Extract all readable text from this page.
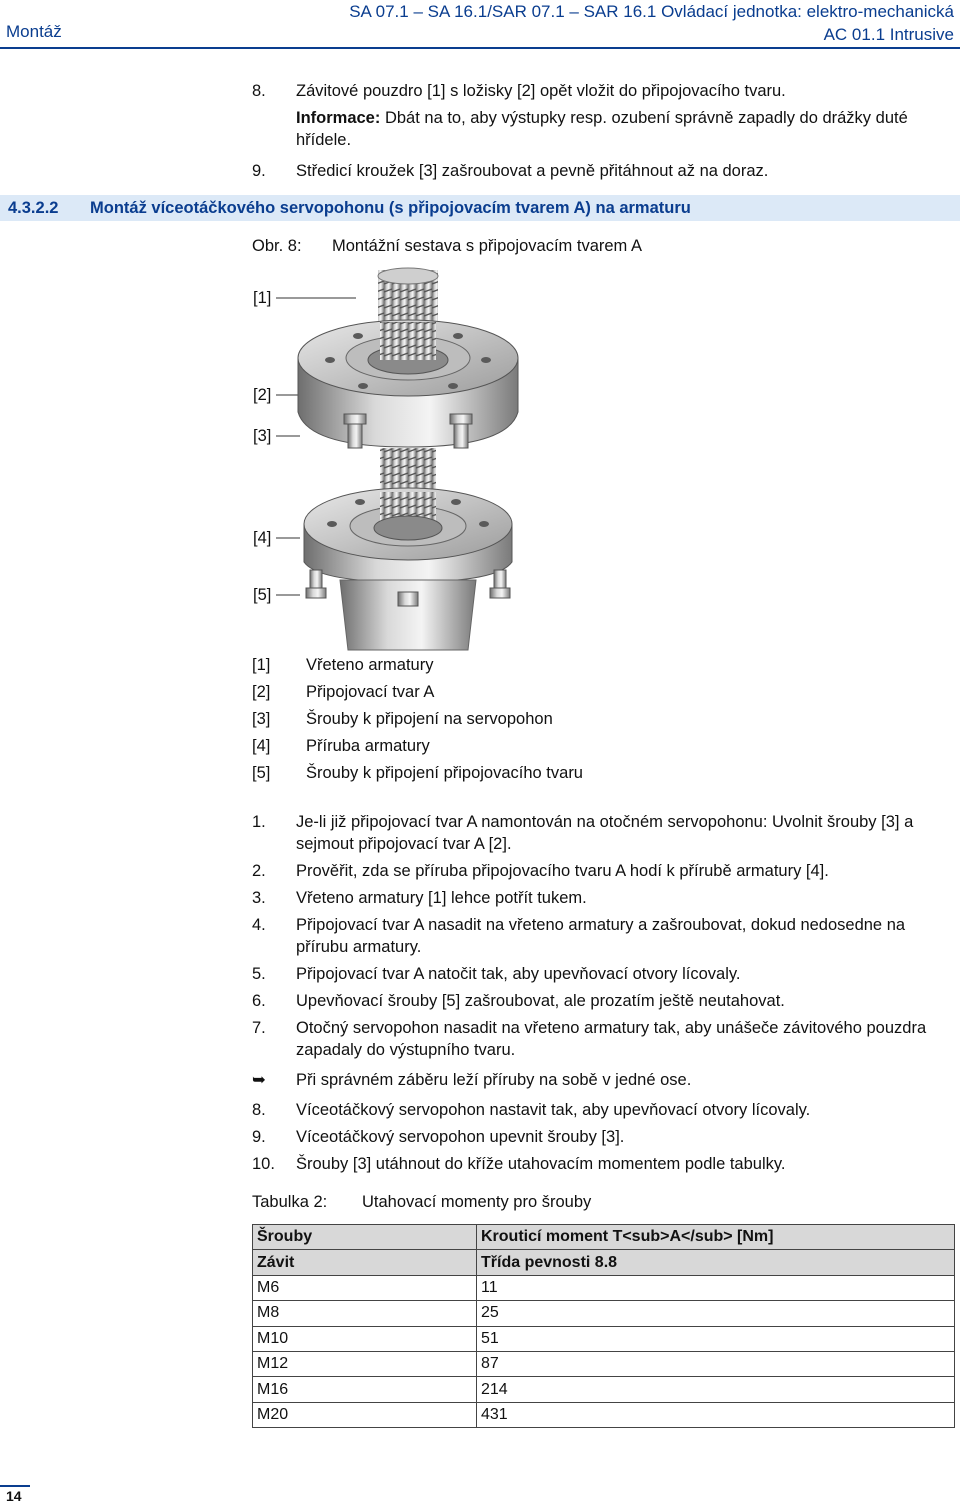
SA 07.1 – SA 16.1/SAR 07.1 – SAR 16.1 Ovládací jednotka: elektro-mechanická
AC 01.1 Intrusive
Montáž
8.	Závitové pouzdro [1] s ložisky [2] opět vložit do připojovacího tvaru.
Informace: Dbát na to, aby výstupky resp. ozubení správně zapadly do drážky duté hřídele.
9.	Středicí kroužek [3] zašroubovat a pevně přitáhnout až na doraz.
4.3.2.2 Montáž víceotáčkového servopohonu (s připojovacím tvarem A) na armaturu
Obr. 8: Montážní sestava s připojovacím tvarem A
[1]
[2]
[3]
[4]
[5]
[1]	Vřeteno armatury
[2]	Připojovací tvar A
[3]	Šrouby k připojení na servopohon
[4]	Příruba armatury
[5]	Šrouby k připojení připojovacího tvaru
1.	Je-li již připojovací tvar A namontován na otočném servopohonu: Uvolnit šrouby [3] a sejmout připojovací tvar A [2].
2.	Prověřit, zda se příruba připojovacího tvaru A hodí k přírubě armatury [4].
3.	Vřeteno armatury [1] lehce potřít tukem.
4.	Připojovací tvar A nasadit na vřeteno armatury a zašroubovat, dokud nedosedne na přírubu armatury.
5.	Připojovací tvar A natočit tak, aby upevňovací otvory lícovaly.
6.	Upevňovací šrouby [5] zašroubovat, ale prozatím ještě neutahovat.
7.	Otočný servopohon nasadit na vřeteno armatury tak, aby unášeče závitového pouzdra zapadaly do výstupního tvaru.
➥	Při správném záběru leží příruby na sobě v jedné ose.
8.	Víceotáčkový servopohon nastavit tak, aby upevňovací otvory lícovaly.
9.	Víceotáčkový servopohon upevnit šrouby [3].
10.	Šrouby [3] utáhnout do kříže utahovacím momentem podle tabulky.
Tabulka 2: Utahovací momenty pro šrouby
Šrouby	Krouticí moment T<sub>A</sub> [Nm]
Závit	Třída pevnosti 8.8
M6	11
M8	25
M10	51
M12	87
M16	214
M20	431
14
